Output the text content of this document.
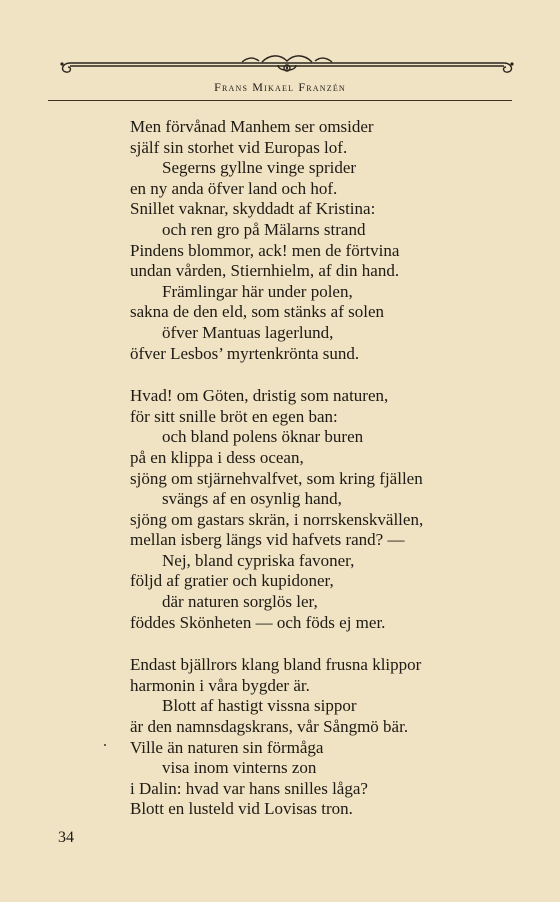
Frans Mikael Franzén
Men förvånad Manhem ser omsider
själf sin storhet vid Europas lof.
Segerns gyllne vinge sprider
en ny anda öfver land och hof.
Snillet vaknar, skyddadt af Kristina:
och ren gro på Mälarns strand
Pindens blommor, ack! men de förtvina
undan vården, Stiernhielm, af din hand.
Främlingar här under polen,
sakna de den eld, som stänks af solen
öfver Mantuas lagerlund,
öfver Lesbos’ myrtenkrönta sund.
Hvad! om Göten, dristig som naturen,
för sitt snille bröt en egen ban:
och bland polens öknar buren
på en klippa i dess ocean,
sjöng om stjärnehvalfvet, som kring fjällen
svängs af en osynlig hand,
sjöng om gastars skrän, i norrskenskvällen,
mellan isberg längs vid hafvets rand? —
Nej, bland cypriska favoner,
följd af gratier och kupidoner,
där naturen sorglös ler,
föddes Skönheten — och föds ej mer.
Endast bjällrors klang bland frusna klippor
harmonin i våra bygder är.
Blott af hastigt vissna sippor
är den namnsdagskrans, vår Sångmö bär.
Ville än naturen sin förmåga
visa inom vinterns zon
i Dalin: hvad var hans snilles låga?
Blott en lusteld vid Lovisas tron.
34
